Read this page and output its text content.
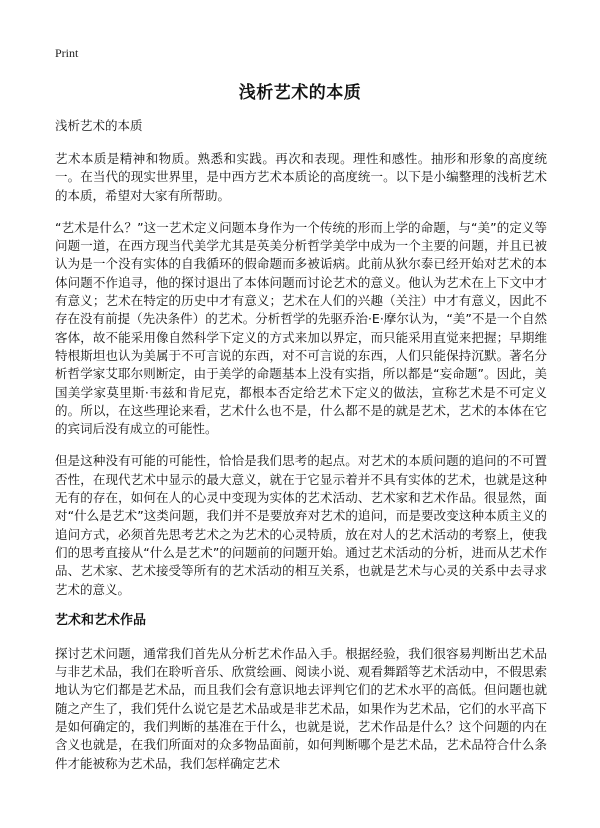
Print
浅析艺术的本质
浅析艺术的本质

艺术本质是精神和物质。熟悉和实践。再次和表现。理性和感性。抽形和形象的高度统一。在当代的现实世界里，是中西方艺术本质论的高度统一。以下是小编整理的浅析艺术的本质，希望对大家有所帮助。

“艺术是什么？”这一艺术定义问题本身作为一个传统的形而上学的命题，与“美”的定义等问题一道，在西方现当代美学尤其是英美分析哲学美学中成为一个主要的问题，并且已被认为是一个没有实体的自我循环的假命题而多被诟病。此前从狄尔泰已经开始对艺术的本体问题不作追寻，他的探讨退出了本体问题而讨论艺术的意义。他认为艺术在上下文中才有意义；艺术在特定的历史中才有意义；艺术在人们的兴趣（关注）中才有意义，因此不存在没有前提（先决条件）的艺术。分析哲学的先驱乔治·E·摩尔认为，“美”不是一个自然客体，故不能采用像自然科学下定义的方式来加以界定，而只能采用直觉来把握；早期维特根斯坦也认为美属于不可言说的东西，对不可言说的东西，人们只能保持沉默。著名分析哲学家艾耶尔则断定，由于美学的命题基本上没有实指，所以都是“妄命题”。因此，美国美学家莫里斯·韦兹和肯尼克，都根本否定给艺术下定义的做法，宣称艺术是不可定义的。所以，在这些理论来看，艺术什么也不是，什么都不是的就是艺术，艺术的本体在它的宾词后没有成立的可能性。

但是这种没有可能的可能性，恰恰是我们思考的起点。对艺术的本质问题的追问的不可置否性，在现代艺术中显示的最大意义，就在于它显示着并不具有实体的艺术，也就是这种无有的存在，如何在人的心灵中变现为实体的艺术活动、艺术家和艺术作品。很显然，面对“什么是艺术”这类问题，我们并不是要放弃对艺术的追问，而是要改变这种本质主义的追问方式，必须首先思考艺术之为艺术的心灵特质，放在对人的艺术活动的考察上，使我们的思考直接从“什么是艺术”的问题前的问题开始。通过艺术活动的分析，进而从艺术作品、艺术家、艺术接受等所有的艺术活动的相互关系，也就是艺术与心灵的关系中去寻求艺术的意义。

艺术和艺术作品

探讨艺术问题，通常我们首先从分析艺术作品入手。根据经验，我们很容易判断出艺术品与非艺术品，我们在聆听音乐、欣赏绘画、阅读小说、观看舞蹈等艺术活动中，不假思索地认为它们都是艺术品，而且我们会有意识地去评判它们的艺术水平的高低。但问题也就随之产生了，我们凭什么说它是艺术品或是非艺术品，如果作为艺术品，它们的水平高下是如何确定的，我们判断的基准在于什么，也就是说，艺术作品是什么？这个问题的内在含义也就是，在我们所面对的众多物品面前，如何判断哪个是艺术品，艺术品符合什么条件才能被称为艺术品，我们怎样确定艺术
